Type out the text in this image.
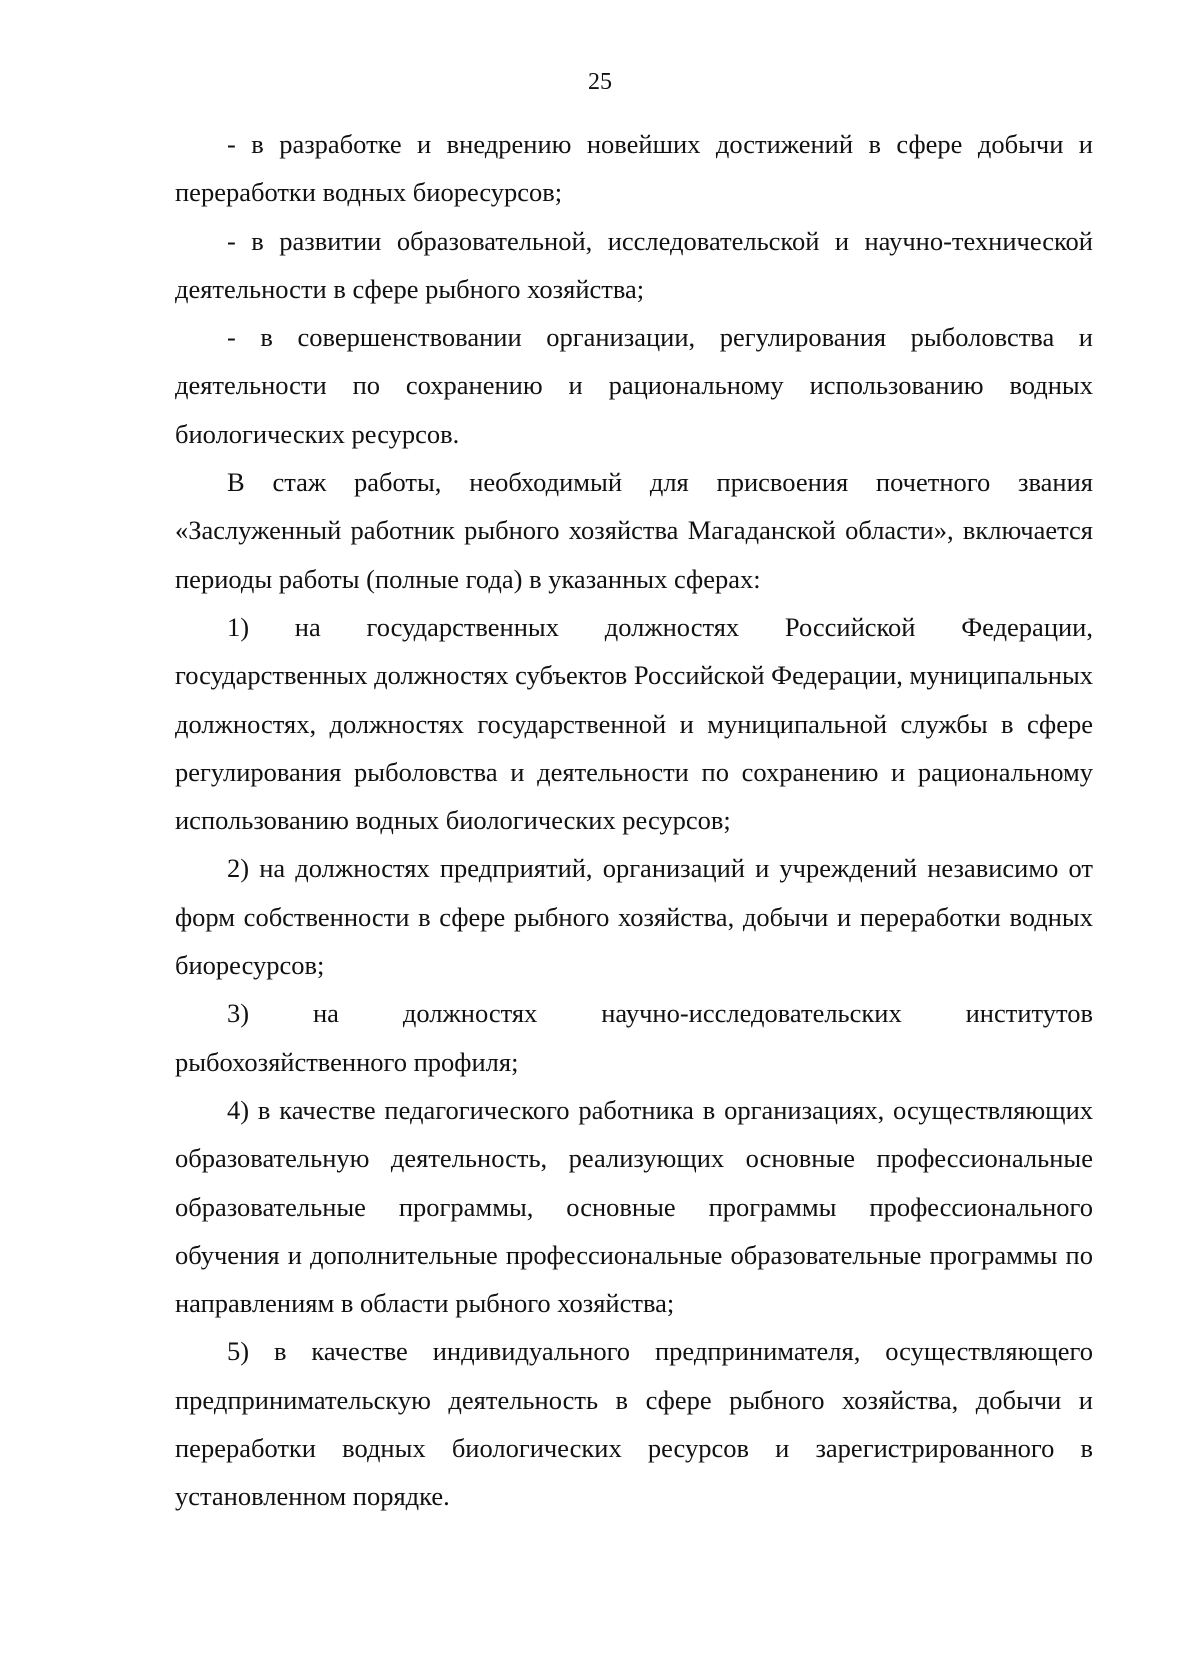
25

- в разработке и внедрению новейших достижений в сфере добычи и переработки водных биоресурсов;

- в развитии образовательной, исследовательской и научно-технической деятельности в сфере рыбного хозяйства;

- в совершенствовании организации, регулирования рыболовства и деятельности по сохранению и рациональному использованию водных биологических ресурсов.

В стаж работы, необходимый для присвоения почетного звания «Заслуженный работник рыбного хозяйства Магаданской области», включается периоды работы (полные года) в указанных сферах:

1) на государственных должностях Российской Федерации, государственных должностях субъектов Российской Федерации, муниципальных должностях, должностях государственной и муниципальной службы в сфере регулирования рыболовства и деятельности по сохранению и рациональному использованию водных биологических ресурсов;

2) на должностях предприятий, организаций и учреждений независимо от форм собственности в сфере рыбного хозяйства, добычи и переработки водных биоресурсов;

3) на должностях научно-исследовательских институтов рыбохозяйственного профиля;

4) в качестве педагогического работника в организациях, осуществляющих образовательную деятельность, реализующих основные профессиональные образовательные программы, основные программы профессионального обучения и дополнительные профессиональные образовательные программы по направлениям в области рыбного хозяйства;

5) в качестве индивидуального предпринимателя, осуществляющего предпринимательскую деятельность в сфере рыбного хозяйства, добычи и переработки водных биологических ресурсов и зарегистрированного в установленном порядке.
